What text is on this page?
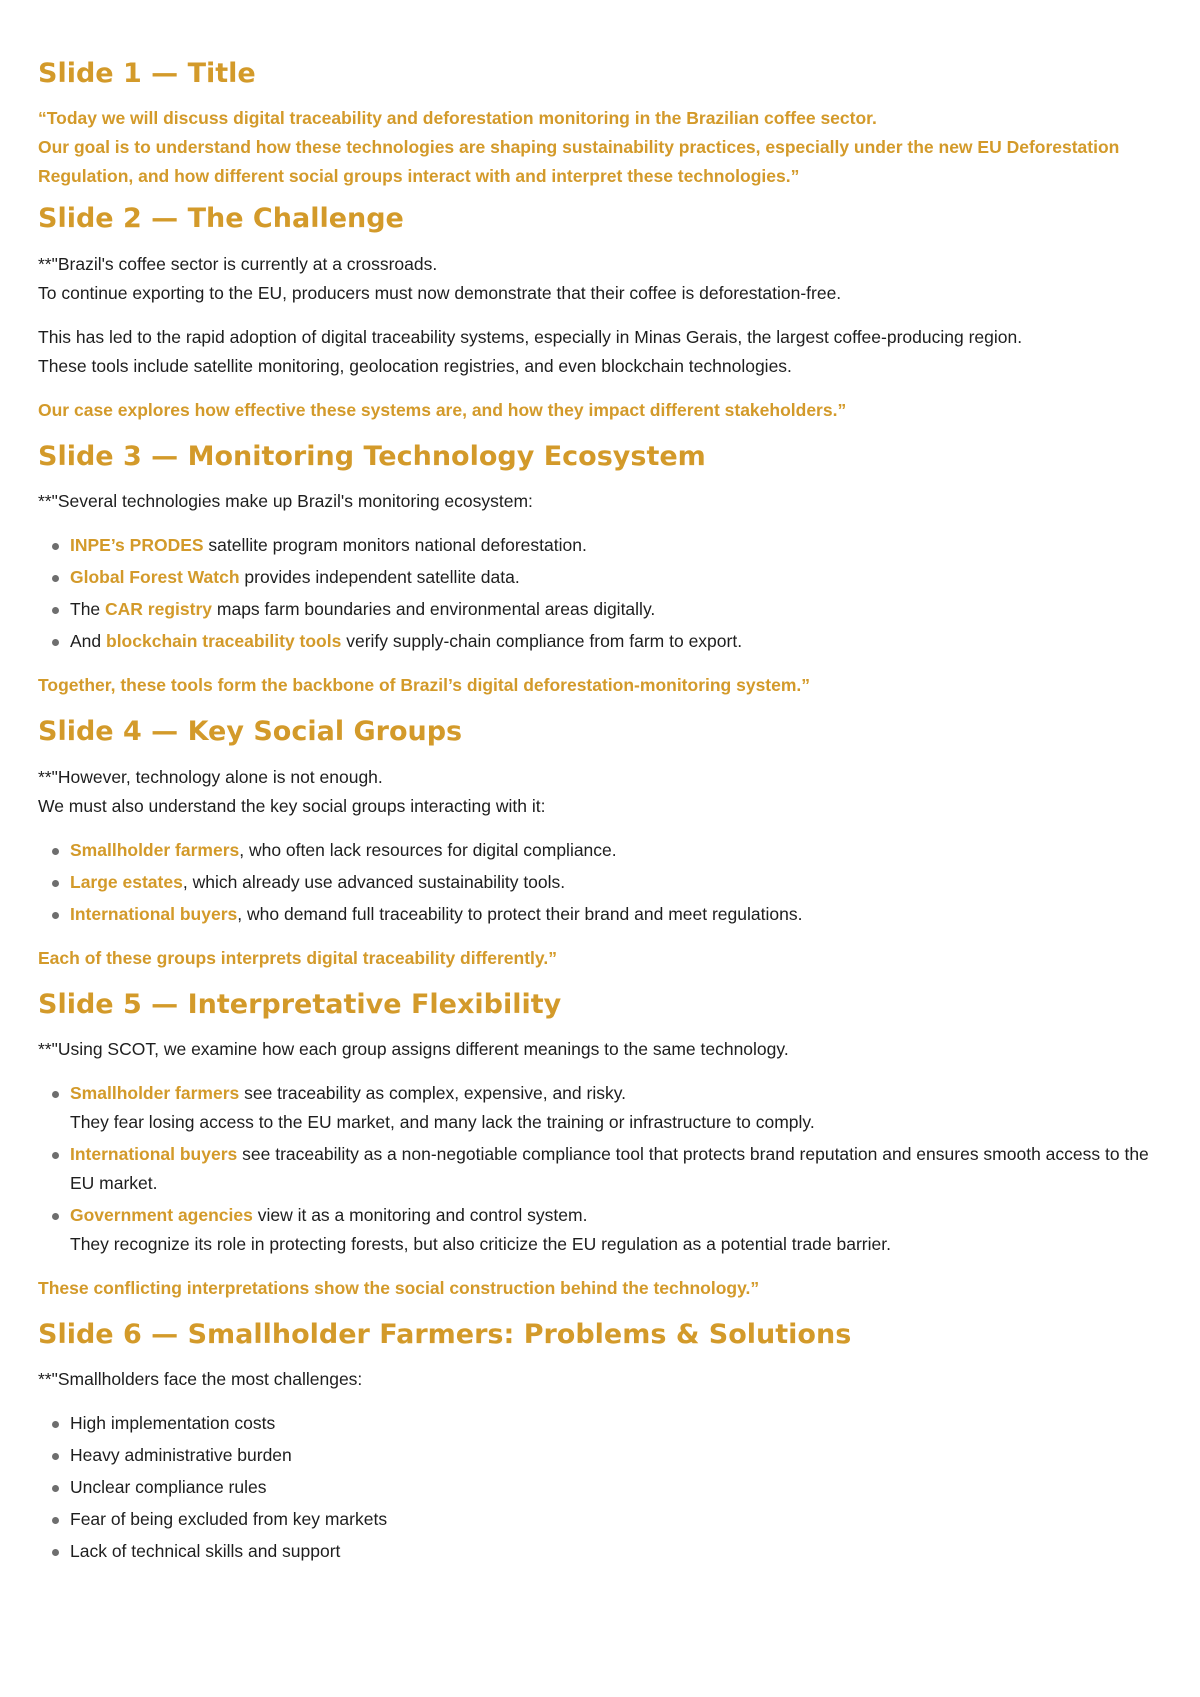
Slide 1 — Title

“Today we will discuss digital traceability and deforestation monitoring in the Brazilian coffee sector.
Our goal is to understand how these technologies are shaping sustainability practices, especially under the new EU Deforestation Regulation, and how different social groups interact with and interpret these technologies.”

Slide 2 — The Challenge

**"Brazil's coffee sector is currently at a crossroads.
To continue exporting to the EU, producers must now demonstrate that their coffee is deforestation-free.

This has led to the rapid adoption of digital traceability systems, especially in Minas Gerais, the largest coffee-producing region.
These tools include satellite monitoring, geolocation registries, and even blockchain technologies.

Our case explores how effective these systems are, and how they impact different stakeholders.”

Slide 3 — Monitoring Technology Ecosystem

**"Several technologies make up Brazil's monitoring ecosystem:

INPE’s PRODES satellite program monitors national deforestation.
Global Forest Watch provides independent satellite data.
The CAR registry maps farm boundaries and environmental areas digitally.
And blockchain traceability tools verify supply-chain compliance from farm to export.

Together, these tools form the backbone of Brazil’s digital deforestation-monitoring system.”

Slide 4 — Key Social Groups

**"However, technology alone is not enough.
We must also understand the key social groups interacting with it:

Smallholder farmers, who often lack resources for digital compliance.
Large estates, which already use advanced sustainability tools.
International buyers, who demand full traceability to protect their brand and meet regulations.

Each of these groups interprets digital traceability differently.”

Slide 5 — Interpretative Flexibility

**"Using SCOT, we examine how each group assigns different meanings to the same technology.

Smallholder farmers see traceability as complex, expensive, and risky.
They fear losing access to the EU market, and many lack the training or infrastructure to comply.
International buyers see traceability as a non-negotiable compliance tool that protects brand reputation and ensures smooth access to the EU market.
Government agencies view it as a monitoring and control system.
They recognize its role in protecting forests, but also criticize the EU regulation as a potential trade barrier.

These conflicting interpretations show the social construction behind the technology.”

Slide 6 — Smallholder Farmers: Problems & Solutions

**"Smallholders face the most challenges:

High implementation costs
Heavy administrative burden
Unclear compliance rules
Fear of being excluded from key markets
Lack of technical skills and support
